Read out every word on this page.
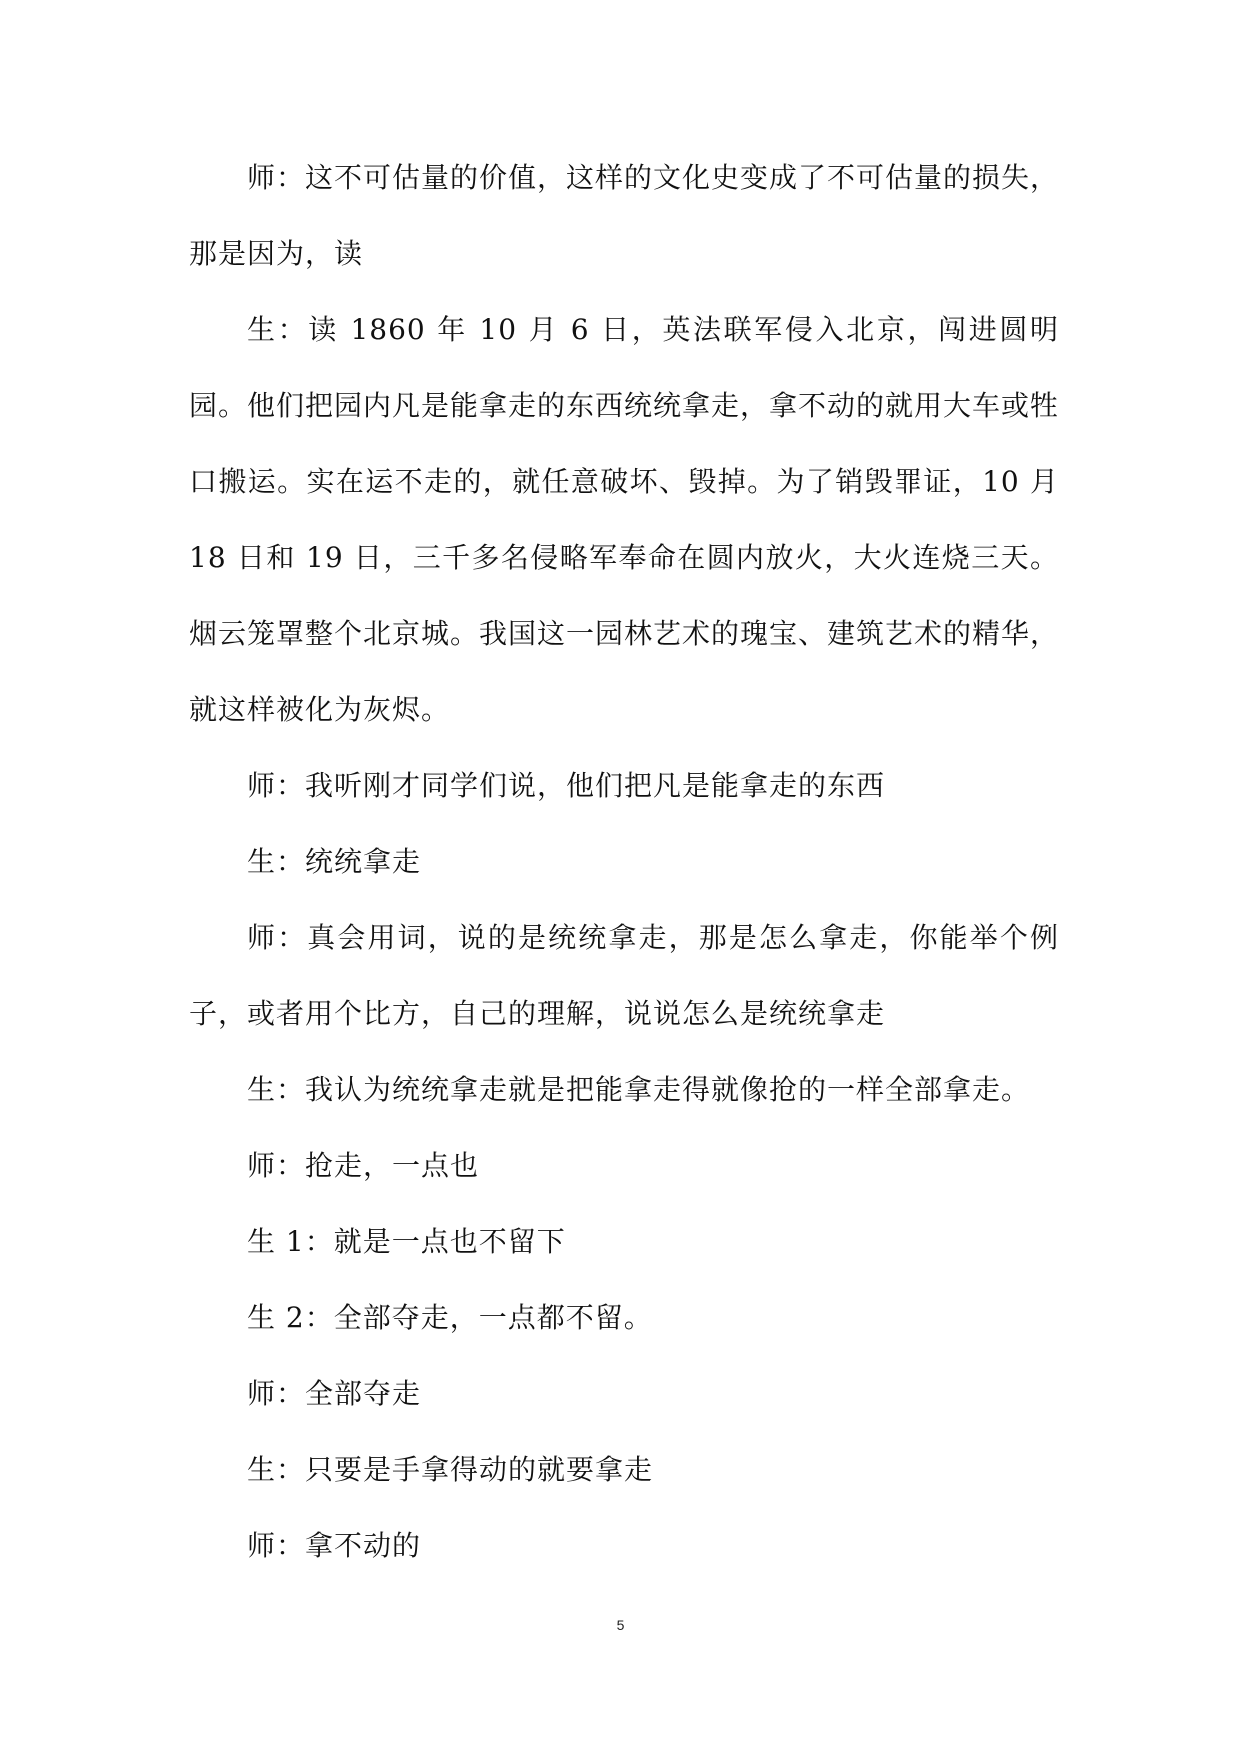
师：这不可估量的价值，这样的文化史变成了不可估量的损失，那是因为，读

生：读 1860 年 10 月 6 日，英法联军侵入北京，闯进圆明园。他们把园内凡是能拿走的东西统统拿走，拿不动的就用大车或牲口搬运。实在运不走的，就任意破坏、毁掉。为了销毁罪证，10 月 18 日和 19 日，三千多名侵略军奉命在圆内放火，大火连烧三天。烟云笼罩整个北京城。我国这一园林艺术的瑰宝、建筑艺术的精华，就这样被化为灰烬。

师：我听刚才同学们说，他们把凡是能拿走的东西

生：统统拿走

师：真会用词，说的是统统拿走，那是怎么拿走，你能举个例子，或者用个比方，自己的理解，说说怎么是统统拿走

生：我认为统统拿走就是把能拿走得就像抢的一样全部拿走。

师：抢走，一点也

生 1：就是一点也不留下

生 2：全部夺走，一点都不留。

师：全部夺走

生：只要是手拿得动的就要拿走

师：拿不动的

5
